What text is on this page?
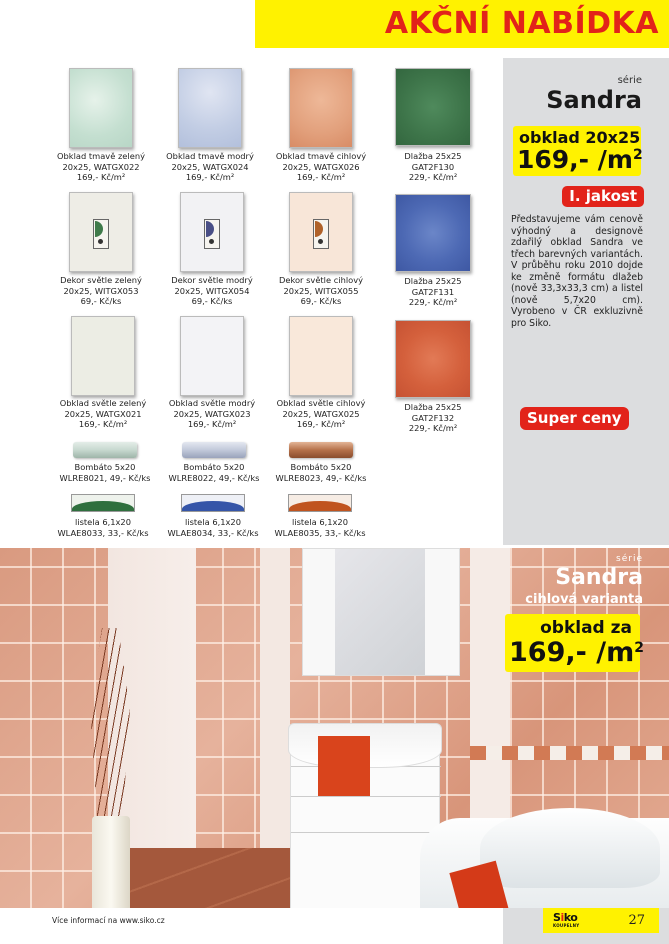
AKČNÍ NABÍDKA
Obklad tmavě zelený
20x25, WATGX022
169,- Kč/m²
Obklad tmavě modrý
20x25, WATGX024
169,- Kč/m²
Obklad tmavě cihlový
20x25, WATGX026
169,- Kč/m²
Dlažba 25x25
GAT2F130
229,- Kč/m²
Dekor světle zelený
20x25, WITGX053
69,- Kč/ks
Dekor světle modrý
20x25, WITGX054
69,- Kč/ks
Dekor světle cihlový
20x25, WITGX055
69,- Kč/ks
Dlažba 25x25
GAT2F131
229,- Kč/m²
Obklad světle zelený
20x25, WATGX021
169,- Kč/m²
Obklad světle modrý
20x25, WATGX023
169,- Kč/m²
Obklad světle cihlový
20x25, WATGX025
169,- Kč/m²
Dlažba 25x25
GAT2F132
229,- Kč/m²
Bombáto 5x20
WLRE8021, 49,- Kč/ks
Bombáto 5x20
WLRE8022, 49,- Kč/ks
Bombáto 5x20
WLRE8023, 49,- Kč/ks
listela 6,1x20
WLAE8033, 33,- Kč/ks
listela 6,1x20
WLAE8034, 33,- Kč/ks
listela 6,1x20
WLAE8035, 33,- Kč/ks
série
Sandra
obklad 20x25
169,- $/m^2$
I. jakost
Představujeme vám cenově výhodný a designově zdařilý obklad Sandra ve třech barevných variantách. V průběhu roku 2010 dojde ke změně formátu dlažeb (nově 33,3x33,3 cm) a listel (nově 5,7x20 cm). Vyrobeno v ČR exkluzivně pro Siko.
Super ceny
série
Sandra
cihlová varianta
obklad za
169,- $/m^2$
Více informací na www.siko.cz	Siko
KOUPELNY	27
